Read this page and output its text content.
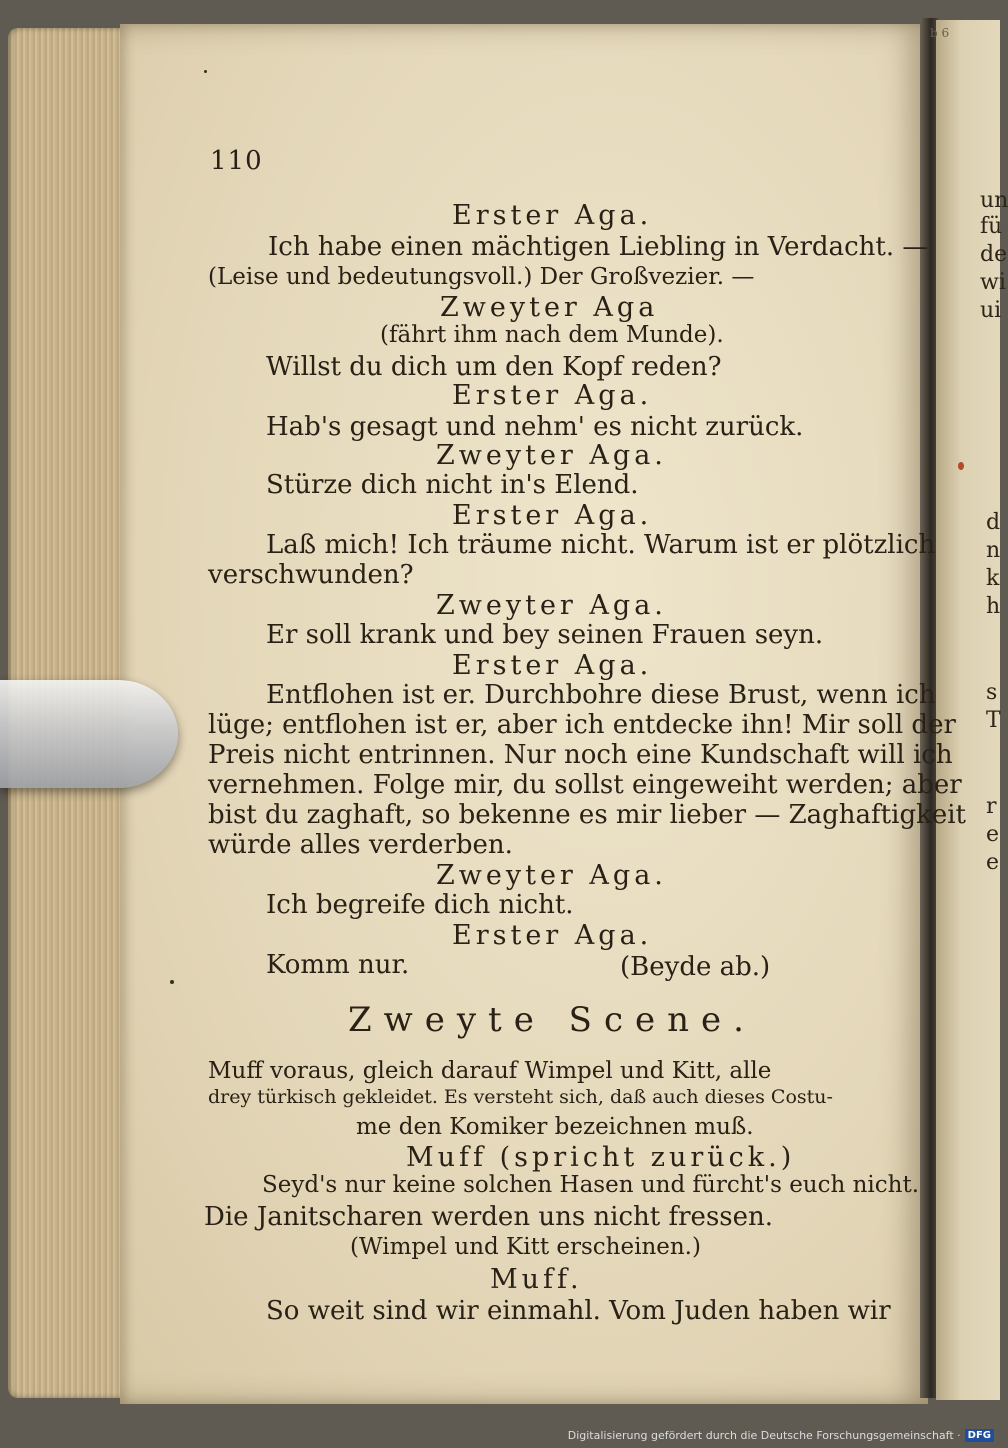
un
fü
de
wi
ui
d
n
k
h
s
T
r
e
e
b 6
110
Erster Aga.
Ich habe einen mächtigen Liebling in Verdacht. —
(Leise und bedeutungsvoll.) Der Großvezier. —
Zweyter Aga
(fährt ihm nach dem Munde).
Willst du dich um den Kopf reden?
Erster Aga.
Hab's gesagt und nehm' es nicht zurück.
Zweyter Aga.
Stürze dich nicht in's Elend.
Erster Aga.
Laß mich! Ich träume nicht. Warum ist er plötzlich
verschwunden?
Zweyter Aga.
Er soll krank und bey seinen Frauen seyn.
Erster Aga.
Entflohen ist er. Durchbohre diese Brust, wenn ich
lüge; entflohen ist er, aber ich entdecke ihn! Mir soll der
Preis nicht entrinnen. Nur noch eine Kundschaft will ich
vernehmen. Folge mir, du sollst eingeweiht werden; aber
bist du zaghaft, so bekenne es mir lieber — Zaghaftigkeit
würde alles verderben.
Zweyter Aga.
Ich begreife dich nicht.
Erster Aga.
Komm nur.	(Beyde ab.)
Zweyte Scene.
Muff voraus, gleich darauf Wimpel und Kitt, alle
drey türkisch gekleidet. Es versteht sich, daß auch dieses Costu-
me den Komiker bezeichnen muß.
Muff (spricht zurück.)
Seyd's nur keine solchen Hasen und fürcht's euch nicht.
Die Janitscharen werden uns nicht fressen.
(Wimpel und Kitt erscheinen.)
Muff.
So weit sind wir einmahl. Vom Juden haben wir
Digitalisierung gefördert durch die Deutsche Forschungsgemeinschaft · DFG
